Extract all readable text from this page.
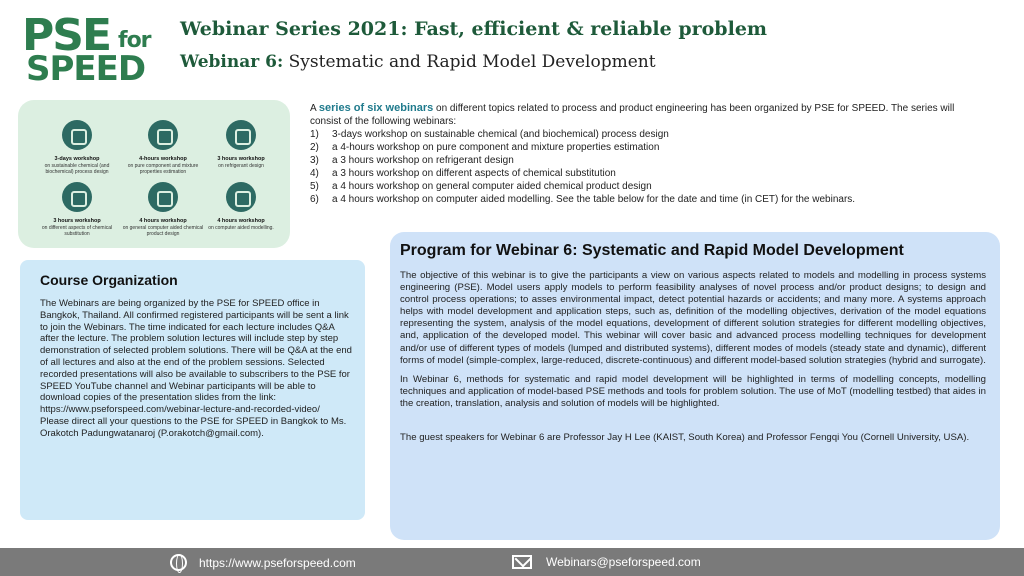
PSE for
SPEED
Webinar Series 2021: Fast, efficient & reliable problem
Webinar 6: Systematic and Rapid Model Development
3-days workshop
on sustainable chemical (and biochemical) process design
4-hours workshop
on pure component and mixture properties estimation
3 hours workshop
on refrigerant design
3 hours workshop
on different aspects of chemical substitution
4 hours workshop
on general computer aided chemical product design
4 hours workshop
on computer aided modelling.

A series of six webinars on different topics related to process and product engineering has been organized by PSE for SPEED. The series will consist of the following webinars:

1)	3-days workshop on sustainable chemical (and biochemical) process design
2)	a 4-hours workshop on pure component and mixture properties estimation
3)	a 3 hours workshop on refrigerant design
4)	a 3 hours workshop on different aspects of chemical substitution
5)	a 4 hours workshop on general computer aided chemical product design
6)	a 4 hours workshop on computer aided modelling. See the table below for the date and time (in CET) for the webinars.
Course Organization

The Webinars are being organized by the PSE for SPEED office in Bangkok, Thailand. All confirmed registered participants will be sent a link to join the Webinars. The time indicated for each lecture includes Q&A after the lecture. The problem solution lectures will include step by step demonstration of selected problem solutions. There will be Q&A at the end of all lectures and also at the end of the problem sessions. Selected recorded presentations will also be available to subscribers to the PSE for SPEED YouTube channel and Webinar participants will be able to download copies of the presentation slides from the link:

https://www.pseforspeed.com/webinar-lecture-and-recorded-video/

Please direct all your questions to the PSE for SPEED in Bangkok to Ms. Orakotch Padungwatanaroj (P.orakotch@gmail.com).

Program for Webinar 6: Systematic and Rapid Model Development

The objective of this webinar is to give the participants a view on various aspects related to models and modelling in process systems engineering (PSE). Model users apply models to perform feasibility analyses of novel process and/or product designs; to design and control process operations; to asses environmental impact, detect potential hazards or accidents; and many more. A systems approach helps with model development and application steps, such as, definition of the modelling objectives, derivation of the model equations representing the system, analysis of the model equations, development of different solution strategies for different modelling objectives, and, application of the developed model. This webinar will cover basic and advanced process modelling techniques for development and/or use of different types of models (lumped and distributed systems), different modes of models (steady state and dynamic), different forms of model (simple-complex, large-reduced, discrete-continuous) and different model-based solution strategies (hybrid and surrogate).

In Webinar 6, methods for systematic and rapid model development will be highlighted in terms of modelling concepts, modelling techniques and application of model-based PSE methods and tools for problem solution. The use of MoT (modelling testbed) that aides in the creation, translation, analysis and solution of models will be highlighted.

The guest speakers for Webinar 6 are Professor Jay H Lee (KAIST, South Korea) and Professor Fengqi You (Cornell University, USA).

https://www.pseforspeed.com	Webinars@pseforspeed.com
